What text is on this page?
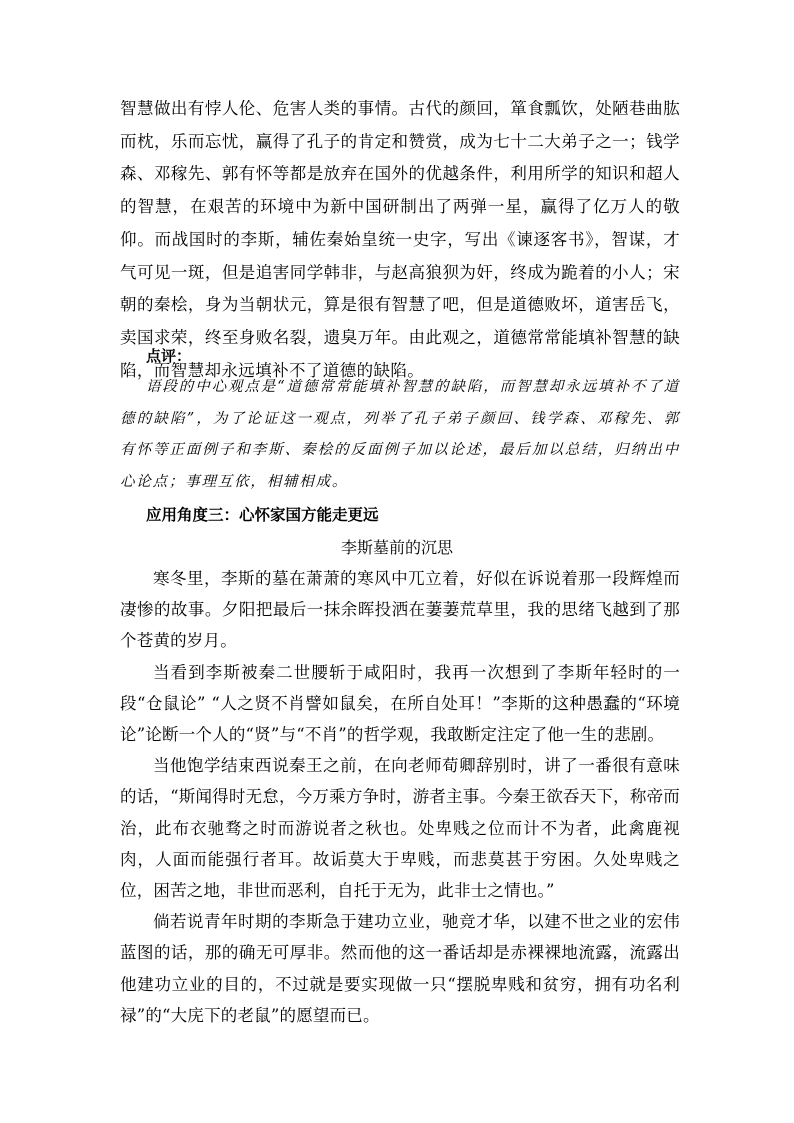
智慧做出有悖人伦、危害人类的事情。古代的颜回，箪食瓢饮，处陋巷曲肱而枕，乐而忘忧，赢得了孔子的肯定和赞赏，成为七十二大弟子之一；钱学森、邓稼先、郭有怀等都是放弃在国外的优越条件，利用所学的知识和超人的智慧，在艰苦的环境中为新中国研制出了两弹一星，赢得了亿万人的敬仰。而战国时的李斯，辅佐秦始皇统一史字，写出《谏逐客书》，智谋，才气可见一斑，但是追害同学韩非，与赵高狼狈为奸，终成为跪着的小人；宋朝的秦桧，身为当朝状元，算是很有智慧了吧，但是道德败坏，道害岳飞，卖国求荣，终至身败名裂，遗臭万年。由此观之，道德常常能填补智慧的缺陷，而智慧却永远填补不了道德的缺陷。
点评：
语段的中心观点是“道德常常能填补智慧的缺陷，而智慧却永远填补不了道德的缺陷”，为了论证这一观点，列举了孔子弟子颜回、钱学森、邓稼先、郭有怀等正面例子和李斯、秦桧的反面例子加以论述，最后加以总结，归纳出中心论点；事理互依，相辅相成。
应用角度三：心怀家国方能走更远
李斯墓前的沉思

寒冬里，李斯的墓在萧萧的寒风中兀立着，好似在诉说着那一段辉煌而凄惨的故事。夕阳把最后一抹余晖投洒在萋萋荒草里，我的思绪飞越到了那个苍黄的岁月。

当看到李斯被秦二世腰斩于咸阳时，我再一次想到了李斯年轻时的一段“仓鼠论” “人之贤不肖譬如鼠矣，在所自处耳！”李斯的这种愚蠢的“环境论”论断一个人的“贤”与“不肖”的哲学观，我敢断定注定了他一生的悲剧。

当他饱学结束西说秦王之前，在向老师荀卿辞别时，讲了一番很有意味的话，“斯闻得时无怠，今万乘方争时，游者主事。今秦王欲吞天下，称帝而治，此布衣驰骛之时而游说者之秋也。处卑贱之位而计不为者，此禽鹿视肉，人面而能强行者耳。故诟莫大于卑贱，而悲莫甚于穷困。久处卑贱之位，困苦之地，非世而恶利，自托于无为，此非士之情也。”

倘若说青年时期的李斯急于建功立业，驰竞才华，以建不世之业的宏伟蓝图的话，那的确无可厚非。然而他的这一番话却是赤裸裸地流露，流露出他建功立业的目的，不过就是要实现做一只“摆脱卑贱和贫穷，拥有功名利禄”的“大庑下的老鼠”的愿望而已。
